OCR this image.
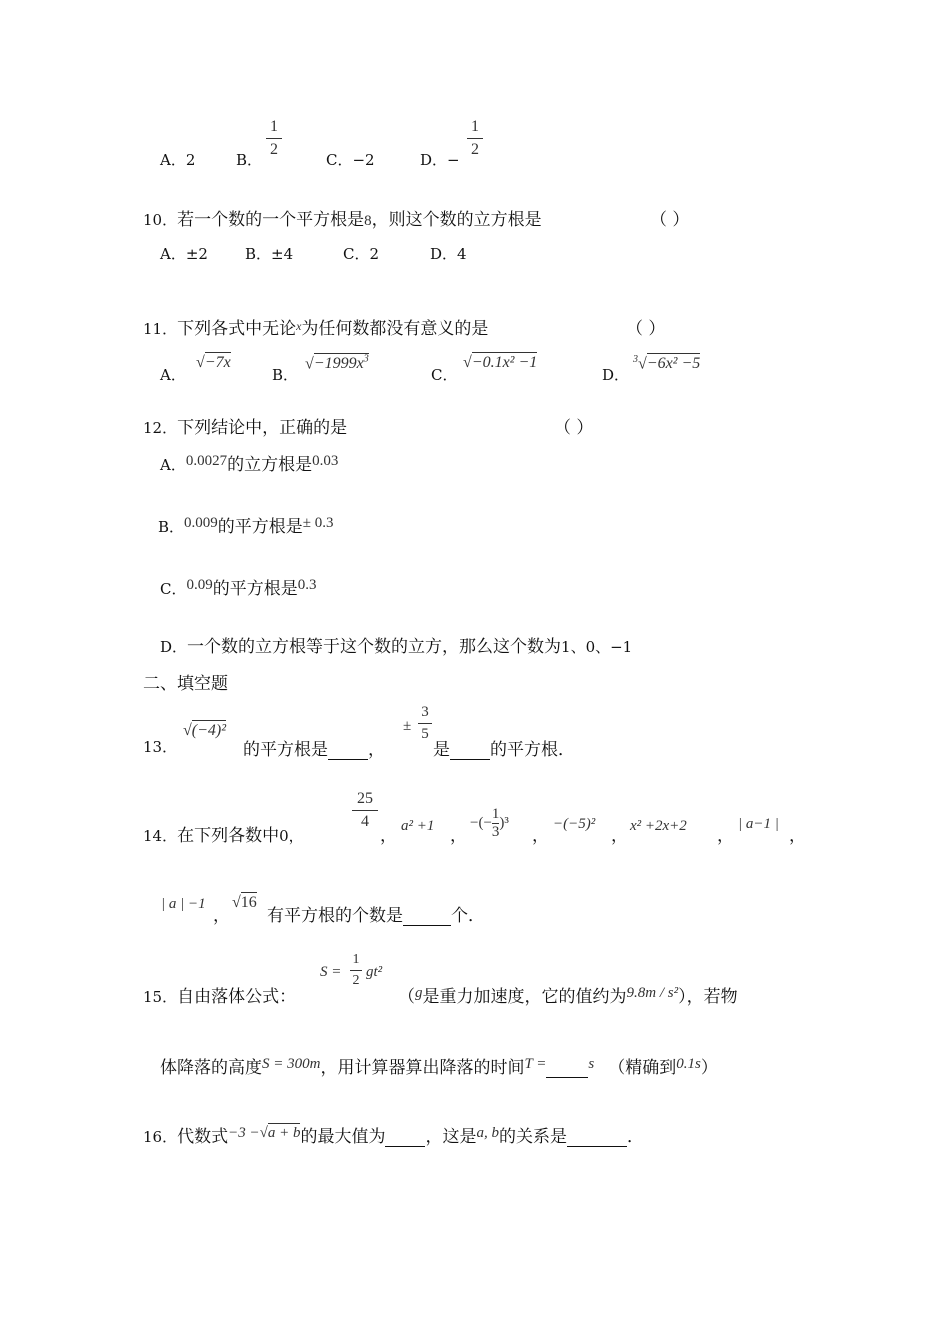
A．2	B．
1
2
C．−2	D．−
1
2
10．若一个数的一个平方根是8，则这个数的立方根是	（ ）
A．±2 B．±4	C．2	D．4
11．下列各式中无论$^x$为任何数都没有意义的是	（ ）
A．
√−7x
B．
$√-1999x^3$
C．
√−0.1x² −1
D．
$^3$√−6x² −5
12．下列结论中，正确的是	（ ）
A．0.0027的立方根是0.03
B．0.009的平方根是± 0.3
C．0.09的平方根是0.3
D．一个数的立方根等于这个数的立方，那么这个数为1、0、−1
二、填空题
13．
√(−4)²
的平方根是 ，
±
3
5
是 的平方根．
14．在下列各数中0，
25
4
， a² +1 ，
−(− $\frac{1}{3} )^3$
，
−(−5)²
， x² +2x+2 ，
| a−1 |
，
| a | −1
，
√16
有平方根的个数是	个．
15．自由落体公式：
S =
1
2
gt²
（g是重力加速度，它的值约为9.8m / s²），若物
体降落的高度S = 300m，用计算器算出降落的时间T =	s （精确到0.1s）
16．代数式−3 −√a + b的最大值为 ，这是a, b的关系是	．
